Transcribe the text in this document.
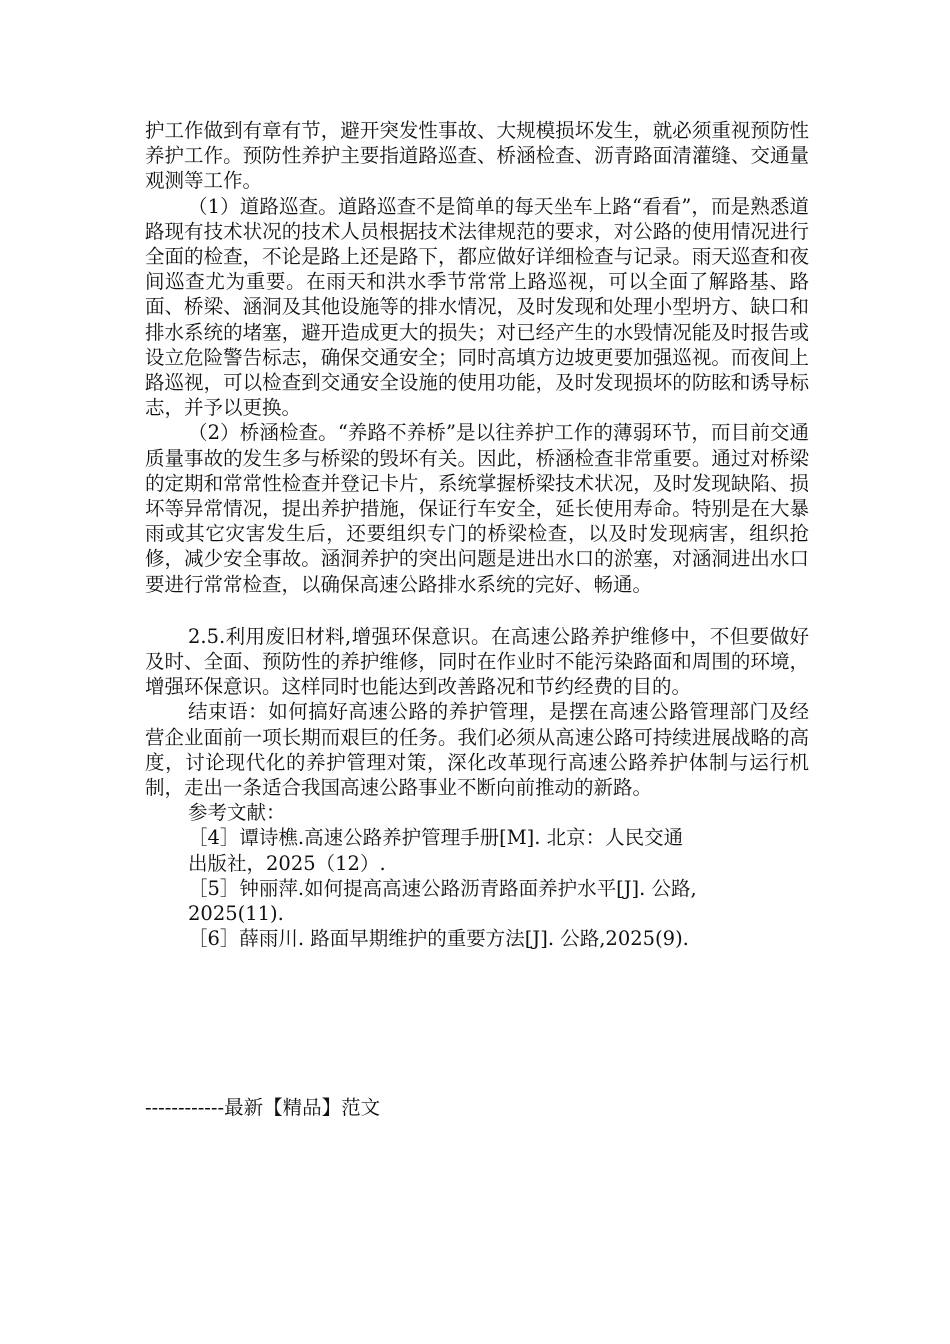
护工作做到有章有节，避开突发性事故、大规模损坏发生，就必须重视预防性养护工作。预防性养护主要指道路巡查、桥涵检查、沥青路面清灌缝、交通量观测等工作。

（1）道路巡查。道路巡查不是简单的每天坐车上路“看看”，而是熟悉道路现有技术状况的技术人员根据技术法律规范的要求，对公路的使用情况进行全面的检查，不论是路上还是路下，都应做好详细检查与记录。雨天巡查和夜间巡查尤为重要。在雨天和洪水季节常常上路巡视，可以全面了解路基、路面、桥梁、涵洞及其他设施等的排水情况，及时发现和处理小型坍方、缺口和排水系统的堵塞，避开造成更大的损失；对已经产生的水毁情况能及时报告或设立危险警告标志，确保交通安全；同时高填方边坡更要加强巡视。而夜间上路巡视，可以检查到交通安全设施的使用功能，及时发现损坏的防眩和诱导标志，并予以更换。

（2）桥涵检查。“养路不养桥”是以往养护工作的薄弱环节，而目前交通质量事故的发生多与桥梁的毁坏有关。因此，桥涵检查非常重要。通过对桥梁的定期和常常性检查并登记卡片，系统掌握桥梁技术状况，及时发现缺陷、损坏等异常情况，提出养护措施，保证行车安全，延长使用寿命。特别是在大暴雨或其它灾害发生后，还要组织专门的桥梁检查，以及时发现病害，组织抢修，减少安全事故。涵洞养护的突出问题是进出水口的淤塞，对涵洞进出水口要进行常常检查，以确保高速公路排水系统的完好、畅通。

2.5.利用废旧材料,增强环保意识。在高速公路养护维修中，不但要做好及时、全面、预防性的养护维修，同时在作业时不能污染路面和周围的环境，增强环保意识。这样同时也能达到改善路况和节约经费的目的。

结束语：如何搞好高速公路的养护管理，是摆在高速公路管理部门及经营企业面前一项长期而艰巨的任务。我们必须从高速公路可持续进展战略的高度，讨论现代化的养护管理对策，深化改革现行高速公路养护体制与运行机制，走出一条适合我国高速公路事业不断向前推动的新路。

参考文献：

［4］谭诗樵.高速公路养护管理手册[M]. 北京：人民交通

出版社，2025（12）.

［5］钟丽萍.如何提高高速公路沥青路面养护水平[J]. 公路,

2025(11).

［6］薛雨川. 路面早期维护的重要方法[J]. 公路,2025(9).

------------最新【精品】范文
